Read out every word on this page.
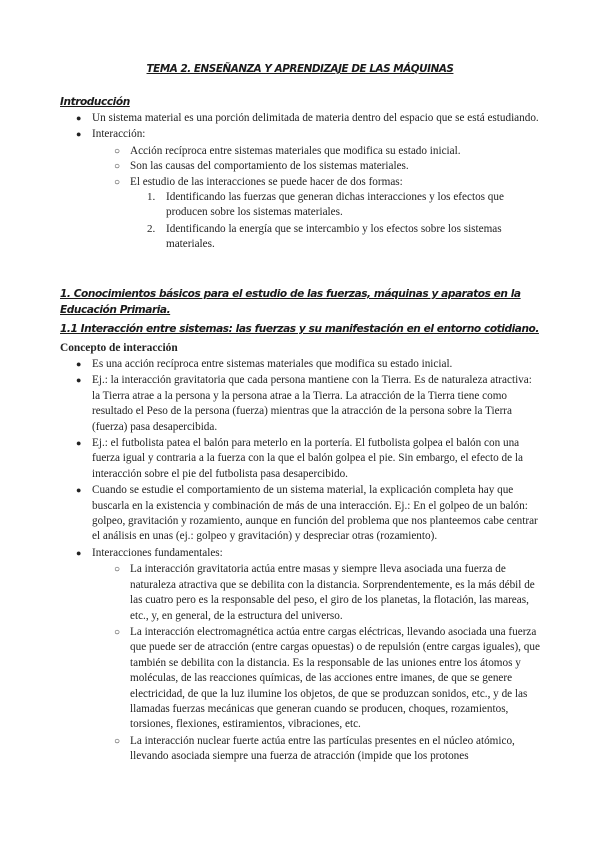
TEMA 2. ENSEÑANZA Y APRENDIZAJE DE LAS MÁQUINAS
Introducción
● Un sistema material es una porción delimitada de materia dentro del espacio que se está estudiando.
● Interacción:
○ Acción recíproca entre sistemas materiales que modifica su estado inicial.
○ Son las causas del comportamiento de los sistemas materiales.
○ El estudio de las interacciones se puede hacer de dos formas:
1. Identificando las fuerzas que generan dichas interacciones y los efectos que producen sobre los sistemas materiales.
2. Identificando la energía que se intercambio y los efectos sobre los sistemas materiales.
1. Conocimientos básicos para el estudio de las fuerzas, máquinas y aparatos en la Educación Primaria.
1.1 Interacción entre sistemas: las fuerzas y su manifestación en el entorno cotidiano.
Concepto de interacción
● Es una acción recíproca entre sistemas materiales que modifica su estado inicial.
● Ej.: la interacción gravitatoria que cada persona mantiene con la Tierra. Es de naturaleza atractiva: la Tierra atrae a la persona y la persona atrae a la Tierra. La atracción de la Tierra tiene como resultado el Peso de la persona (fuerza) mientras que la atracción de la persona sobre la Tierra (fuerza) pasa desapercibida.
● Ej.: el futbolista patea el balón para meterlo en la portería. El futbolista golpea el balón con una fuerza igual y contraria a la fuerza con la que el balón golpea el pie. Sin embargo, el efecto de la interacción sobre el pie del futbolista pasa desapercibido.
● Cuando se estudie el comportamiento de un sistema material, la explicación completa hay que buscarla en la existencia y combinación de más de una interacción. Ej.: En el golpeo de un balón: golpeo, gravitación y rozamiento, aunque en función del problema que nos planteemos cabe centrar el análisis en unas (ej.: golpeo y gravitación) y despreciar otras (rozamiento).
● Interacciones fundamentales:
○ La interacción gravitatoria actúa entre masas y siempre lleva asociada una fuerza de naturaleza atractiva que se debilita con la distancia. Sorprendentemente, es la más débil de las cuatro pero es la responsable del peso, el giro de los planetas, la flotación, las mareas, etc., y, en general, de la estructura del universo.
○ La interacción electromagnética actúa entre cargas eléctricas, llevando asociada una fuerza que puede ser de atracción (entre cargas opuestas) o de repulsión (entre cargas iguales), que también se debilita con la distancia. Es la responsable de las uniones entre los átomos y moléculas, de las reacciones químicas, de las acciones entre imanes, de que se genere electricidad, de que la luz ilumine los objetos, de que se produzcan sonidos, etc., y de las llamadas fuerzas mecánicas que generan cuando se producen, choques, rozamientos, torsiones, flexiones, estiramientos, vibraciones, etc.
○ La interacción nuclear fuerte actúa entre las partículas presentes en el núcleo atómico, llevando asociada siempre una fuerza de atracción (impide que los protones
